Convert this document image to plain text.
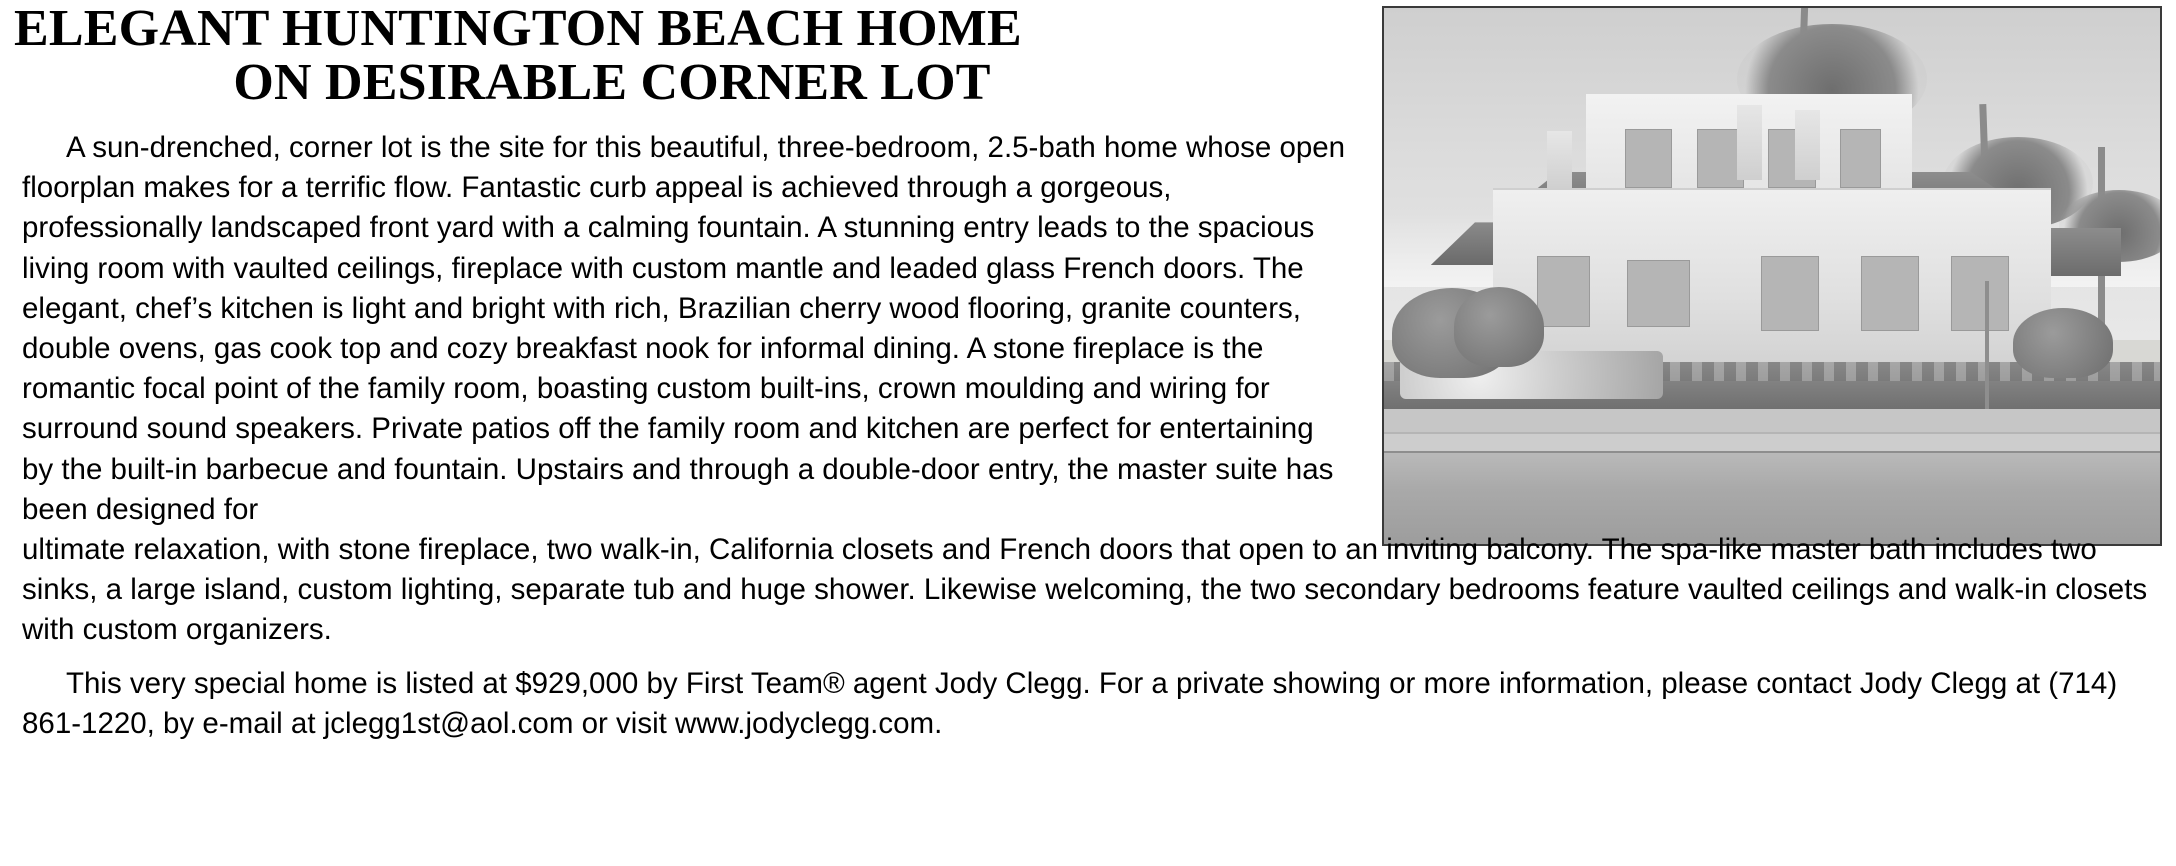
ELEGANT HUNTINGTON BEACH HOME
ON DESIRABLE CORNER LOT

A sun-drenched, corner lot is the site for this beautiful, three-bedroom, 2.5-bath home whose open floorplan makes for a terrific flow. Fantastic curb appeal is achieved through a gorgeous, professionally landscaped front yard with a calming fountain. A stunning entry leads to the spacious living room with vaulted ceilings, fireplace with custom mantle and leaded glass French doors. The elegant, chef’s kitchen is light and bright with rich, Brazilian cherry wood flooring, granite counters, double ovens, gas cook top and cozy breakfast nook for informal dining. A stone fireplace is the romantic focal point of the family room, boasting custom built-ins, crown moulding and wiring for surround sound speakers. Private patios off the family room and kitchen are perfect for entertaining by the built-in barbecue and fountain. Upstairs and through a double-door entry, the master suite has been designed for

ultimate relaxation, with stone fireplace, two walk-in, California closets and French doors that open to an inviting balcony. The spa-like master bath includes two sinks, a large island, custom lighting, separate tub and huge shower. Likewise welcoming, the two secondary bedrooms feature vaulted ceilings and walk-in closets with custom organizers.

This very special home is listed at $929,000 by First Team® agent Jody Clegg. For a private showing or more information, please contact Jody Clegg at (714) 861-1220, by e-mail at jclegg1st@aol.com or visit www.jodyclegg.com.
